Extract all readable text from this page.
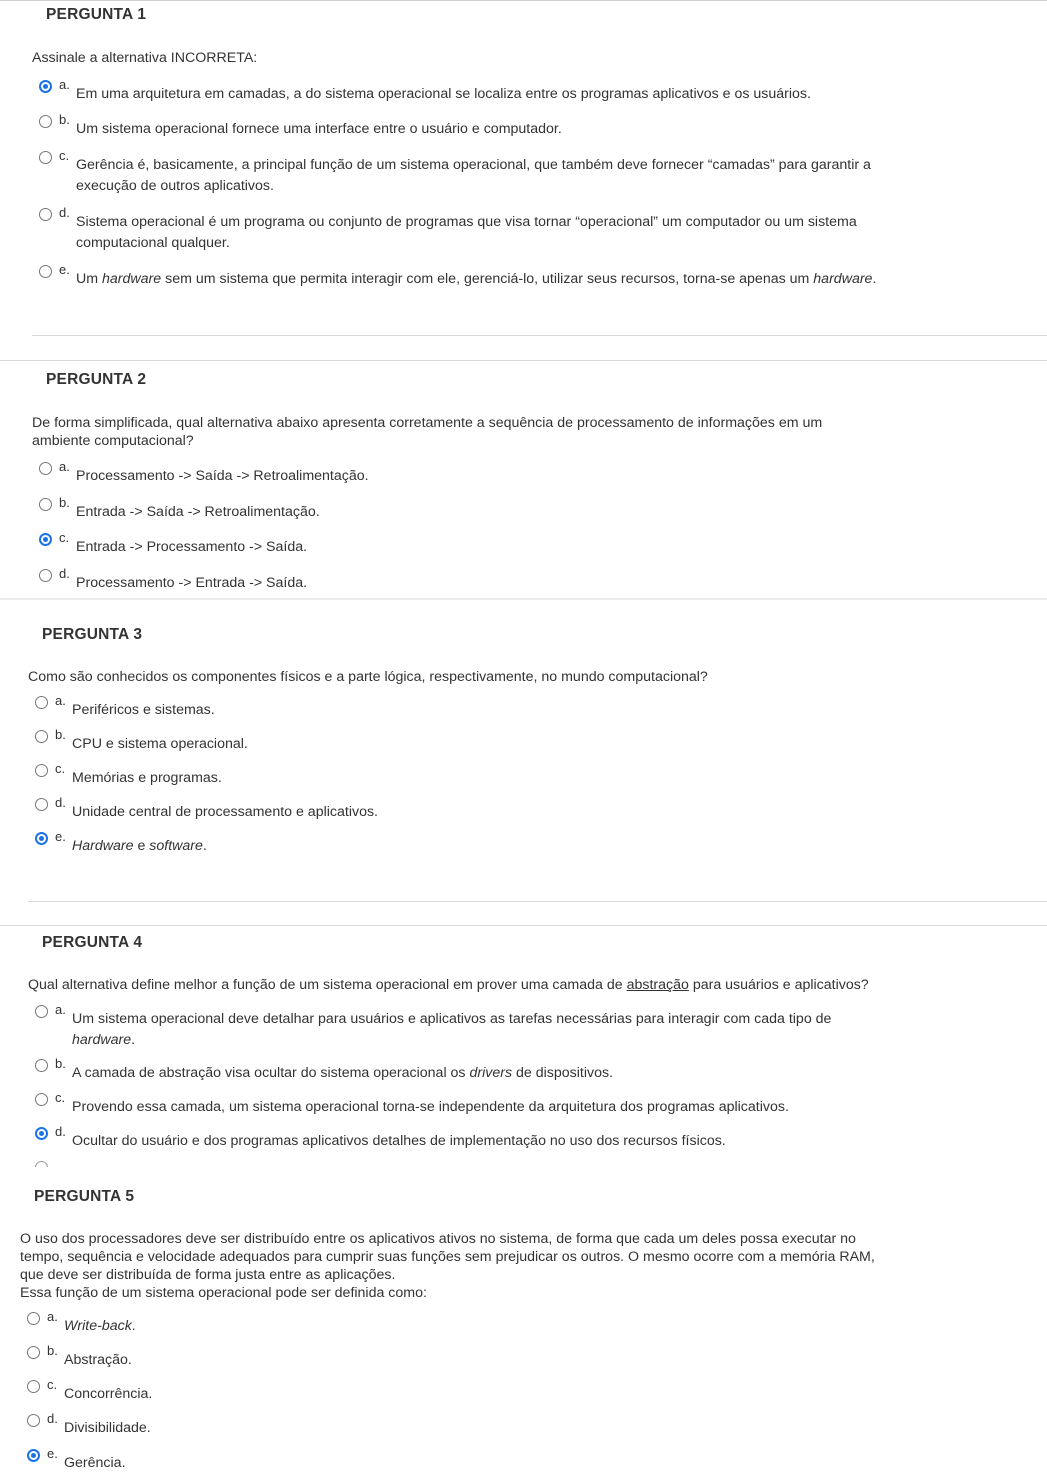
PERGUNTA 1
Assinale a alternativa INCORRETA:
a.
Em uma arquitetura em camadas, a do sistema operacional se localiza entre os programas aplicativos e os usuários.
b.
Um sistema operacional fornece uma interface entre o usuário e computador.
c.
Gerência é, basicamente, a principal função de um sistema operacional, que também deve fornecer “camadas” para garantir a
execução de outros aplicativos.
d.
Sistema operacional é um programa ou conjunto de programas que visa tornar “operacional” um computador ou um sistema
computacional qualquer.
e.
Um hardware sem um sistema que permita interagir com ele, gerenciá-lo, utilizar seus recursos, torna-se apenas um hardware.
PERGUNTA 2
De forma simplificada, qual alternativa abaixo apresenta corretamente a sequência de processamento de informações em um
ambiente computacional?
a.
Processamento -> Saída -> Retroalimentação.
b.
Entrada -> Saída -> Retroalimentação.
c.
Entrada -> Processamento -> Saída.
d.
Processamento -> Entrada -> Saída.
PERGUNTA 3
Como são conhecidos os componentes físicos e a parte lógica, respectivamente, no mundo computacional?
a.
Periféricos e sistemas.
b.
CPU e sistema operacional.
c.
Memórias e programas.
d.
Unidade central de processamento e aplicativos.
e.
Hardware e software.
PERGUNTA 4
Qual alternativa define melhor a função de um sistema operacional em prover uma camada de abstração para usuários e aplicativos?
a.
Um sistema operacional deve detalhar para usuários e aplicativos as tarefas necessárias para interagir com cada tipo de
hardware.
b.
A camada de abstração visa ocultar do sistema operacional os drivers de dispositivos.
c.
Provendo essa camada, um sistema operacional torna-se independente da arquitetura dos programas aplicativos.
d.
Ocultar do usuário e dos programas aplicativos detalhes de implementação no uso dos recursos físicos.
PERGUNTA 5
O uso dos processadores deve ser distribuído entre os aplicativos ativos no sistema, de forma que cada um deles possa executar no
tempo, sequência e velocidade adequados para cumprir suas funções sem prejudicar os outros. O mesmo ocorre com a memória RAM,
que deve ser distribuída de forma justa entre as aplicações.
Essa função de um sistema operacional pode ser definida como:
a.
Write-back.
b.
Abstração.
c.
Concorrência.
d.
Divisibilidade.
e.
Gerência.
